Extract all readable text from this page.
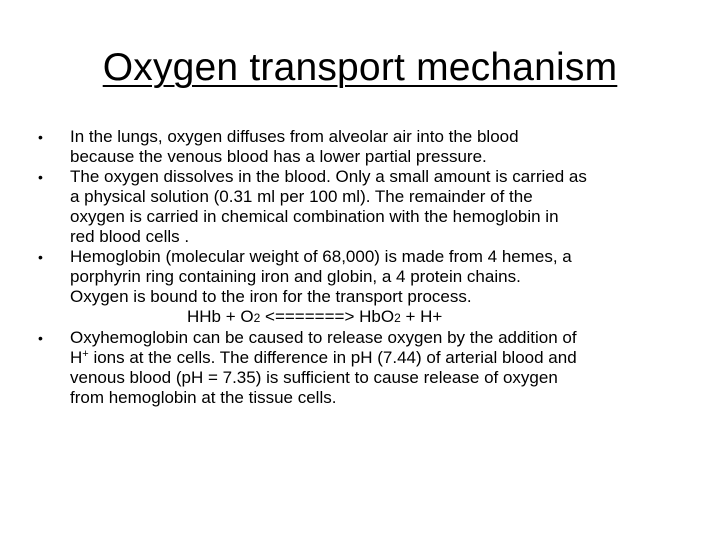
Oxygen transport mechanism
•	In the lungs, oxygen diffuses from alveolar air into the blood
because the venous blood has a lower partial pressure.
•	The oxygen dissolves in the blood. Only a small amount is carried as
a physical solution (0.31 ml per 100 ml). The remainder of the
oxygen is carried in chemical combination with the hemoglobin in
red blood cells .
•	Hemoglobin (molecular weight of 68,000) is made from 4 hemes, a
porphyrin ring containing iron and globin, a 4 protein chains.
Oxygen is bound to the iron for the transport process.
HHb + O2 <=======> HbO2 + H+
•	Oxyhemoglobin can be caused to release oxygen by the addition of
H+ ions at the cells. The difference in pH (7.44) of arterial blood and
venous blood (pH = 7.35) is sufficient to cause release of oxygen
from hemoglobin at the tissue cells.
